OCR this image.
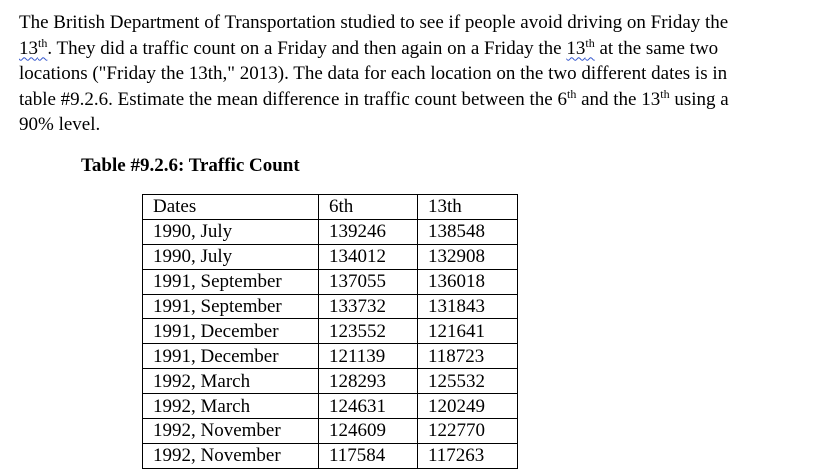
The British Department of Transportation studied to see if people avoid driving on Friday the
13th. They did a traffic count on a Friday and then again on a Friday the 13th at the same two
locations ("Friday the 13th," 2013). The data for each location on the two different dates is in
table #9.2.6. Estimate the mean difference in traffic count between the 6th and the 13th using a
90% level.
Table #9.2.6: Traffic Count
Dates	6th	13th
1990, July	139246	138548
1990, July	134012	132908
1991, September	137055	136018
1991, September	133732	131843
1991, December	123552	121641
1991, December	121139	118723
1992, March	128293	125532
1992, March	124631	120249
1992, November	124609	122770
1992, November	117584	117263
